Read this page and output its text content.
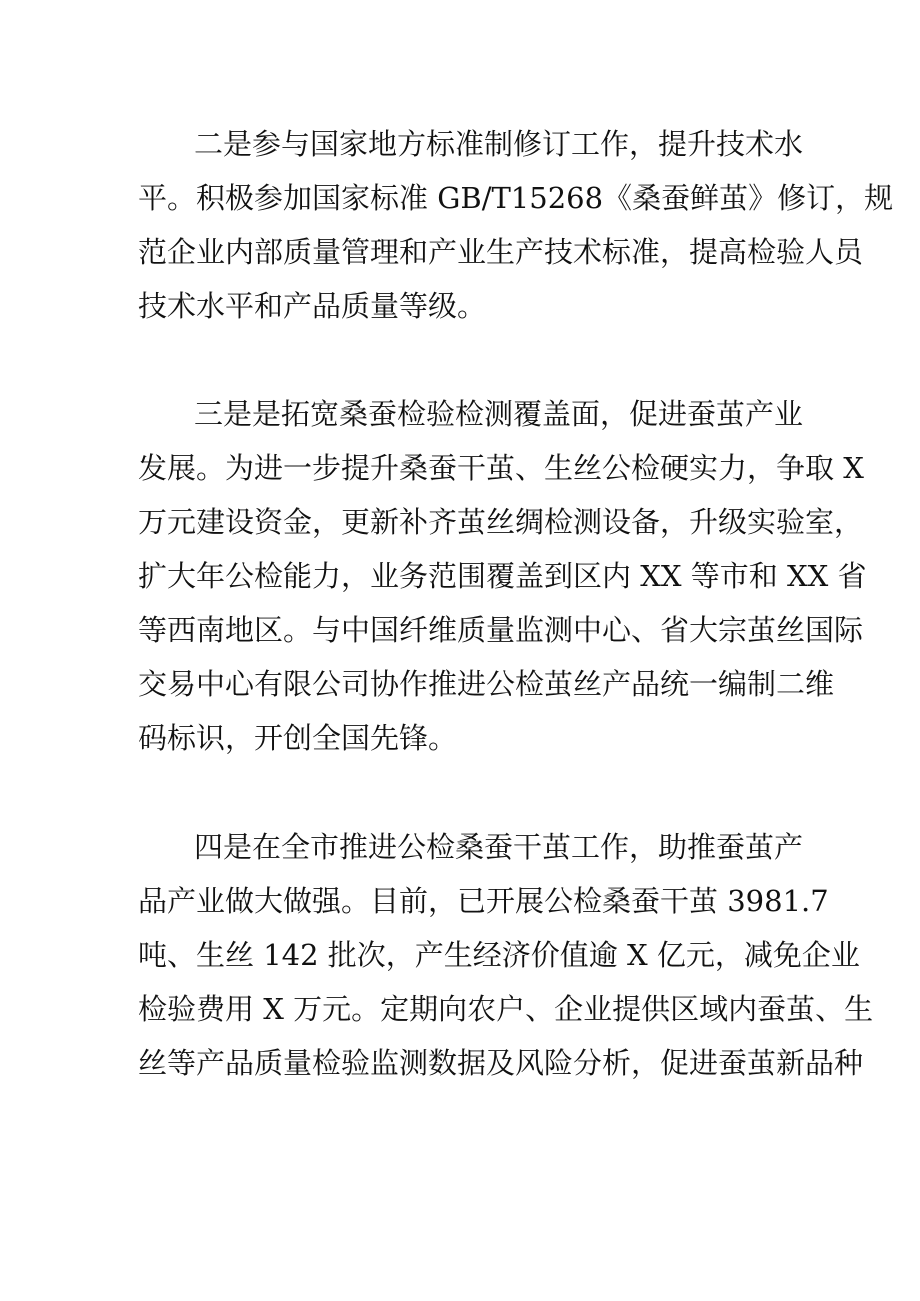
二是参与国家地方标准制修订工作，提升技术水
平。积极参加国家标准 GB/T15268《桑蚕鲜茧》修订，规
范企业内部质量管理和产业生产技术标准，提高检验人员
技术水平和产品质量等级。
三是是拓宽桑蚕检验检测覆盖面，促进蚕茧产业
发展。为进一步提升桑蚕干茧、生丝公检硬实力，争取 X
万元建设资金，更新补齐茧丝绸检测设备，升级实验室，
扩大年公检能力，业务范围覆盖到区内 XX 等市和 XX 省
等西南地区。与中国纤维质量监测中心、省大宗茧丝国际
交易中心有限公司协作推进公检茧丝产品统一编制二维
码标识，开创全国先锋。
四是在全市推进公检桑蚕干茧工作，助推蚕茧产
品产业做大做强。目前，已开展公检桑蚕干茧 3981.7
吨、生丝 142 批次，产生经济价值逾 X 亿元，减免企业
检验费用 X 万元。定期向农户、企业提供区域内蚕茧、生
丝等产品质量检验监测数据及风险分析，促进蚕茧新品种
